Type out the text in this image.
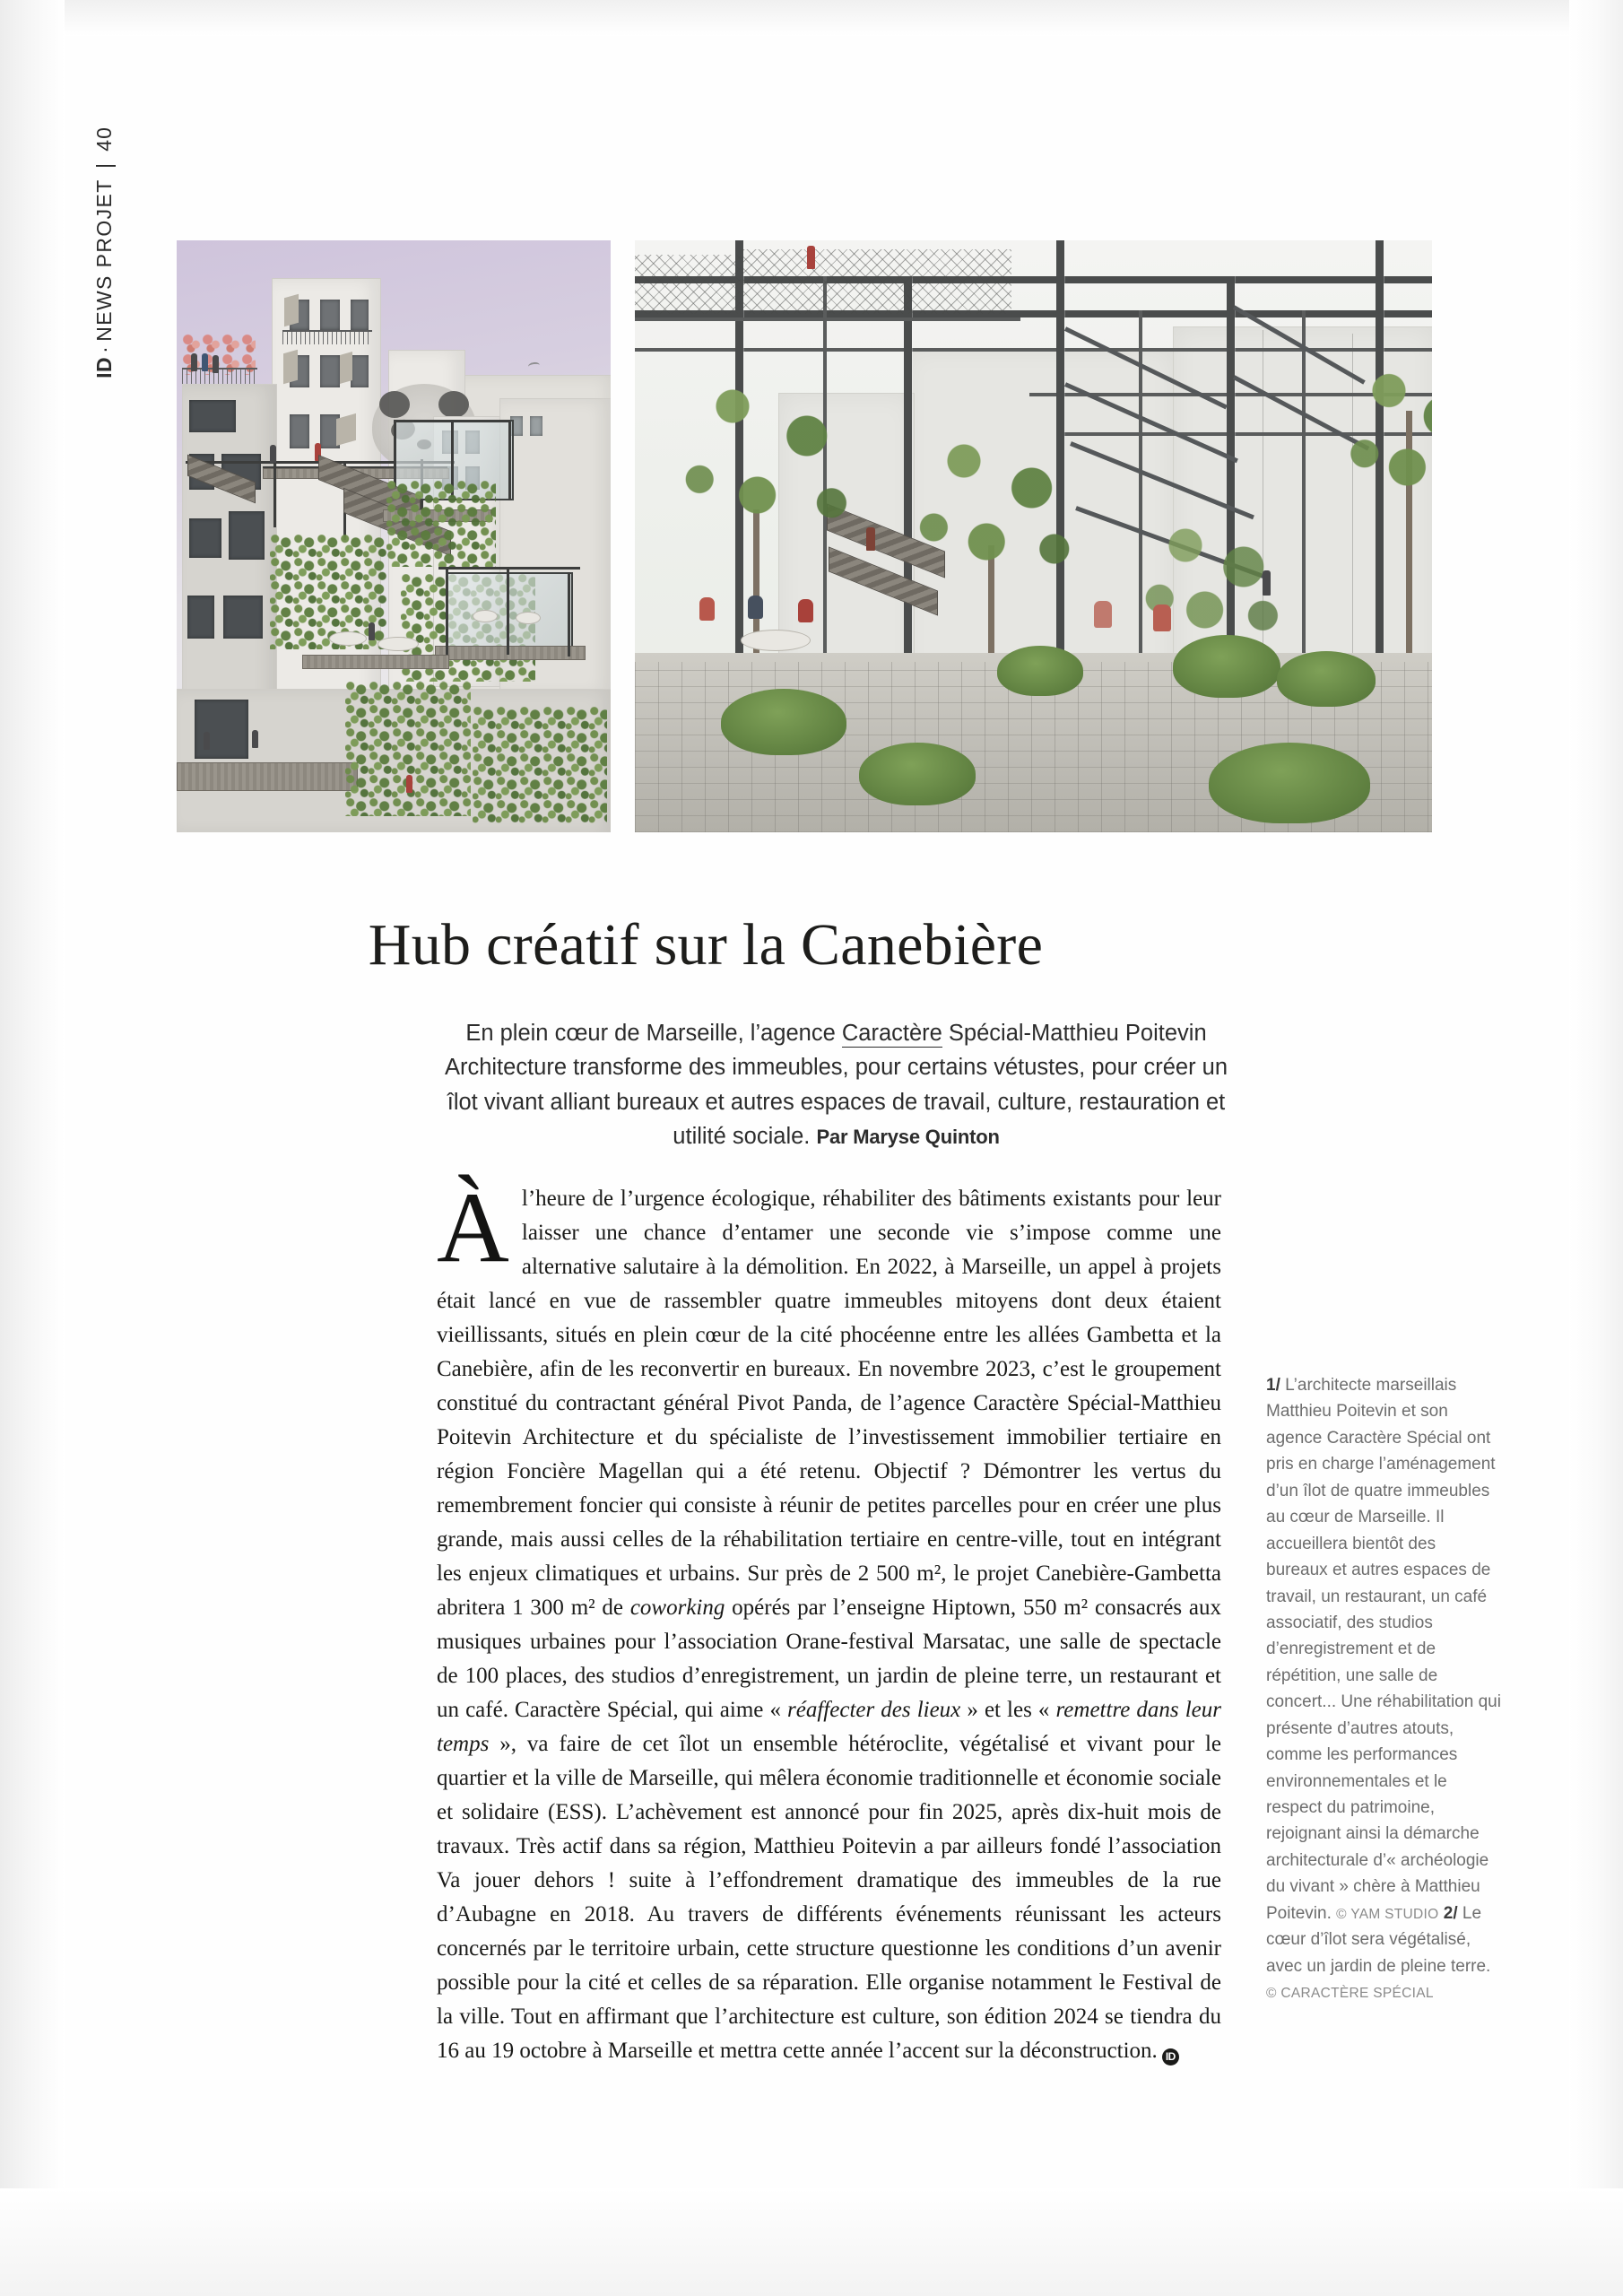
ID·NEWS PROJET | 40
Hub créatif sur la Canebière
En plein cœur de Marseille, l’agence Caractère Spécial-Matthieu Poitevin Architecture transforme des immeubles, pour certains vétustes, pour créer un îlot vivant alliant bureaux et autres espaces de travail, culture, restauration et utilité sociale. Par Maryse Quinton

Àl’heure de l’urgence écologique, réhabiliter des bâtiments existants pour leur laisser une chance d’entamer une seconde vie s’impose comme une alternative salutaire à la démolition. En 2022, à Marseille, un appel à projets était lancé en vue de rassembler quatre immeubles mitoyens dont deux étaient vieillissants, situés en plein cœur de la cité phocéenne entre les allées Gambetta et la Canebière, afin de les reconvertir en bureaux. En novembre 2023, c’est le groupement constitué du contractant général Pivot Panda, de l’agence Caractère Spécial-Matthieu Poitevin Architecture et du spécialiste de l’investissement immobilier tertiaire en région Foncière Magellan qui a été retenu. Objectif ? Démontrer les vertus du remembrement foncier qui consiste à réunir de petites parcelles pour en créer une plus grande, mais aussi celles de la réhabilitation tertiaire en centre-ville, tout en intégrant les enjeux climatiques et urbains. Sur près de 2 500 m², le projet Canebière-Gambetta abritera 1 300 m² de coworking opérés par l’enseigne Hiptown, 550 m² consacrés aux musiques urbaines pour l’association Orane-festival Marsatac, une salle de spectacle de 100 places, des studios d’enregistrement, un jardin de pleine terre, un restaurant et un café. Caractère Spécial, qui aime « réaffecter des lieux » et les « remettre dans leur temps », va faire de cet îlot un ensemble hétéroclite, végétalisé et vivant pour le quartier et la ville de Marseille, qui mêlera économie traditionnelle et économie sociale et solidaire (ESS). L’achèvement est annoncé pour fin 2025, après dix-huit mois de travaux. Très actif dans sa région, Matthieu Poitevin a par ailleurs fondé l’association Va jouer dehors ! suite à l’effondrement dramatique des immeubles de la rue d’Aubagne en 2018. Au travers de différents événements réunissant les acteurs concernés par le territoire urbain, cette structure questionne les conditions d’un avenir possible pour la cité et celles de sa réparation. Elle organise notamment le Festival de la ville. Tout en affirmant que l’architecture est culture, son édition 2024 se tiendra du 16 au 19 octobre à Marseille et mettra cette année l’accent sur la déconstruction. ID

1/ L’architecte marseillais Matthieu Poitevin et son agence Caractère Spécial ont pris en charge l’aménagement d’un îlot de quatre immeubles au cœur de Marseille. Il accueillera bientôt des bureaux et autres espaces de travail, un restaurant, un café associatif, des studios d’enregistrement et de répétition, une salle de concert... Une réhabilitation qui présente d’autres atouts, comme les performances environnementales et le respect du patrimoine, rejoignant ainsi la démarche architecturale d’« archéologie du vivant » chère à Matthieu Poitevin. © YAM STUDIO 2/ Le cœur d’îlot sera végétalisé, avec un jardin de pleine terre. © CARACTÈRE SPÉCIAL
